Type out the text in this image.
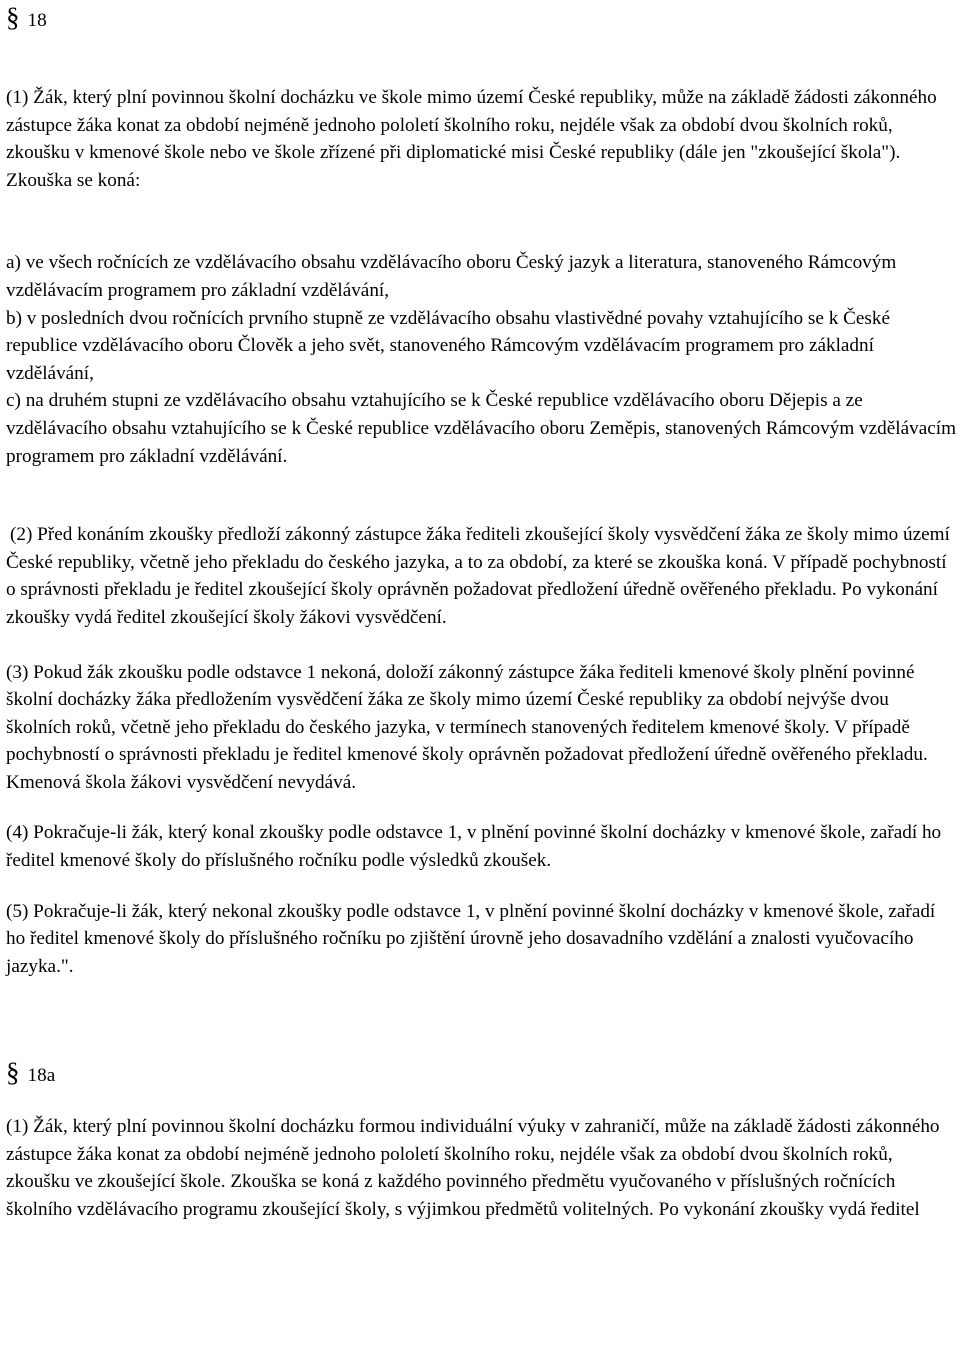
§ 18

(1) Žák, který plní povinnou školní docházku ve škole mimo území České republiky, může na základě žádosti zákonného zástupce žáka konat za období nejméně jednoho pololetí školního roku, nejdéle však za období dvou školních roků, zkoušku v kmenové škole nebo ve škole zřízené při diplomatické misi České republiky (dále jen "zkoušející škola"). Zkouška se koná:

a) ve všech ročnících ze vzdělávacího obsahu vzdělávacího oboru Český jazyk a literatura, stanoveného Rámcovým vzdělávacím programem pro základní vzdělávání,

b) v posledních dvou ročnících prvního stupně ze vzdělávacího obsahu vlastivědné povahy vztahujícího se k České republice vzdělávacího oboru Člověk a jeho svět, stanoveného Rámcovým vzdělávacím programem pro základní vzdělávání,

c) na druhém stupni ze vzdělávacího obsahu vztahujícího se k České republice vzdělávacího oboru Dějepis a ze vzdělávacího obsahu vztahujícího se k České republice vzdělávacího oboru Zeměpis, stanovených Rámcovým vzdělávacím programem pro základní vzdělávání.

(2) Před konáním zkoušky předloží zákonný zástupce žáka řediteli zkoušející školy vysvědčení žáka ze školy mimo území České republiky, včetně jeho překladu do českého jazyka, a to za období, za které se zkouška koná. V případě pochybností o správnosti překladu je ředitel zkoušející školy oprávněn požadovat předložení úředně ověřeného překladu. Po vykonání zkoušky vydá ředitel zkoušející školy žákovi vysvědčení.

(3) Pokud žák zkoušku podle odstavce 1 nekoná, doloží zákonný zástupce žáka řediteli kmenové školy plnění povinné školní docházky žáka předložením vysvědčení žáka ze školy mimo území České republiky za období nejvýše dvou školních roků, včetně jeho překladu do českého jazyka, v termínech stanovených ředitelem kmenové školy. V případě pochybností o správnosti překladu je ředitel kmenové školy oprávněn požadovat předložení úředně ověřeného překladu. Kmenová škola žákovi vysvědčení nevydává.

(4) Pokračuje-li žák, který konal zkoušky podle odstavce 1, v plnění povinné školní docházky v kmenové škole, zařadí ho ředitel kmenové školy do příslušného ročníku podle výsledků zkoušek.

(5) Pokračuje-li žák, který nekonal zkoušky podle odstavce 1, v plnění povinné školní docházky v kmenové škole, zařadí ho ředitel kmenové školy do příslušného ročníku po zjištění úrovně jeho dosavadního vzdělání a znalosti vyučovacího jazyka.".

§ 18a

(1) Žák, který plní povinnou školní docházku formou individuální výuky v zahraničí, může na základě žádosti zákonného zástupce žáka konat za období nejméně jednoho pololetí školního roku, nejdéle však za období dvou školních roků, zkoušku ve zkoušející škole. Zkouška se koná z každého povinného předmětu vyučovaného v příslušných ročnících školního vzdělávacího programu zkoušející školy, s výjimkou předmětů volitelných. Po vykonání zkoušky vydá ředitel
